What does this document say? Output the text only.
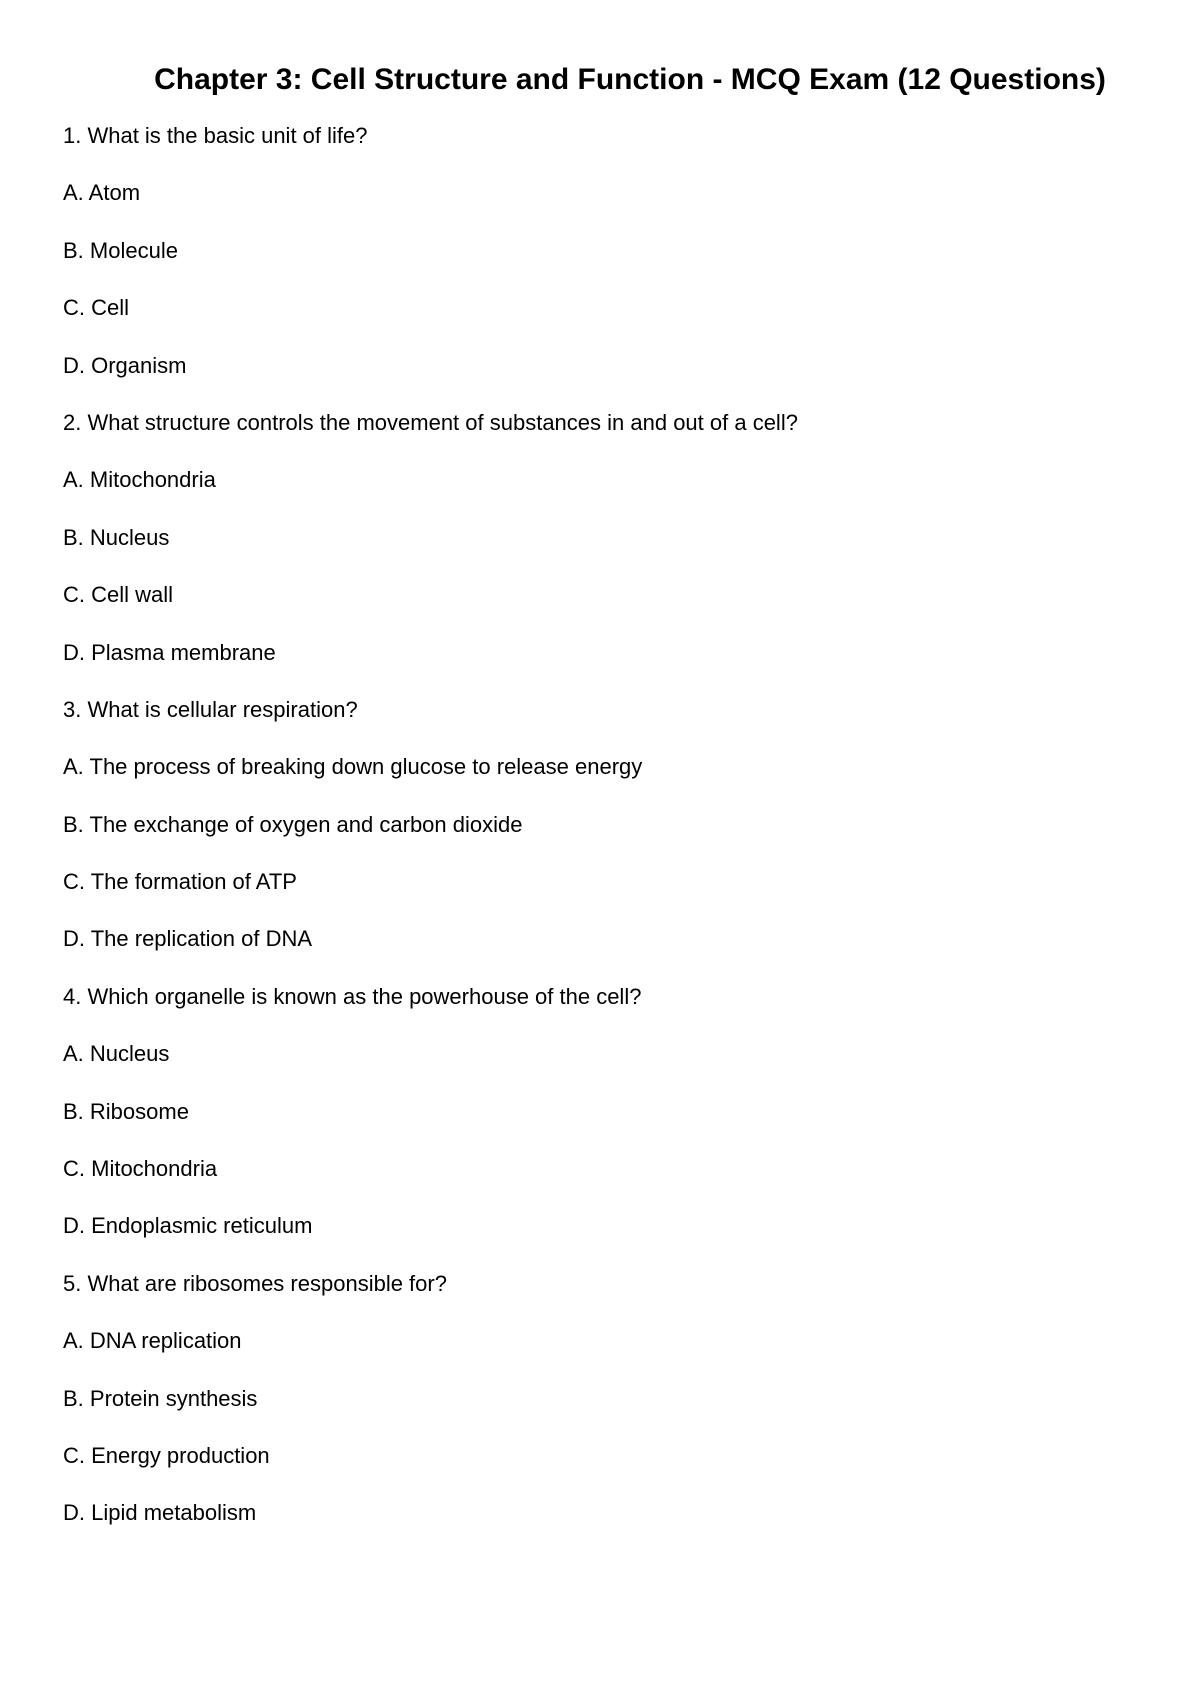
Chapter 3: Cell Structure and Function - MCQ Exam (12 Questions)
1. What is the basic unit of life?
A. Atom
B. Molecule
C. Cell
D. Organism
2. What structure controls the movement of substances in and out of a cell?
A. Mitochondria
B. Nucleus
C. Cell wall
D. Plasma membrane
3. What is cellular respiration?
A. The process of breaking down glucose to release energy
B. The exchange of oxygen and carbon dioxide
C. The formation of ATP
D. The replication of DNA
4. Which organelle is known as the powerhouse of the cell?
A. Nucleus
B. Ribosome
C. Mitochondria
D. Endoplasmic reticulum
5. What are ribosomes responsible for?
A. DNA replication
B. Protein synthesis
C. Energy production
D. Lipid metabolism
